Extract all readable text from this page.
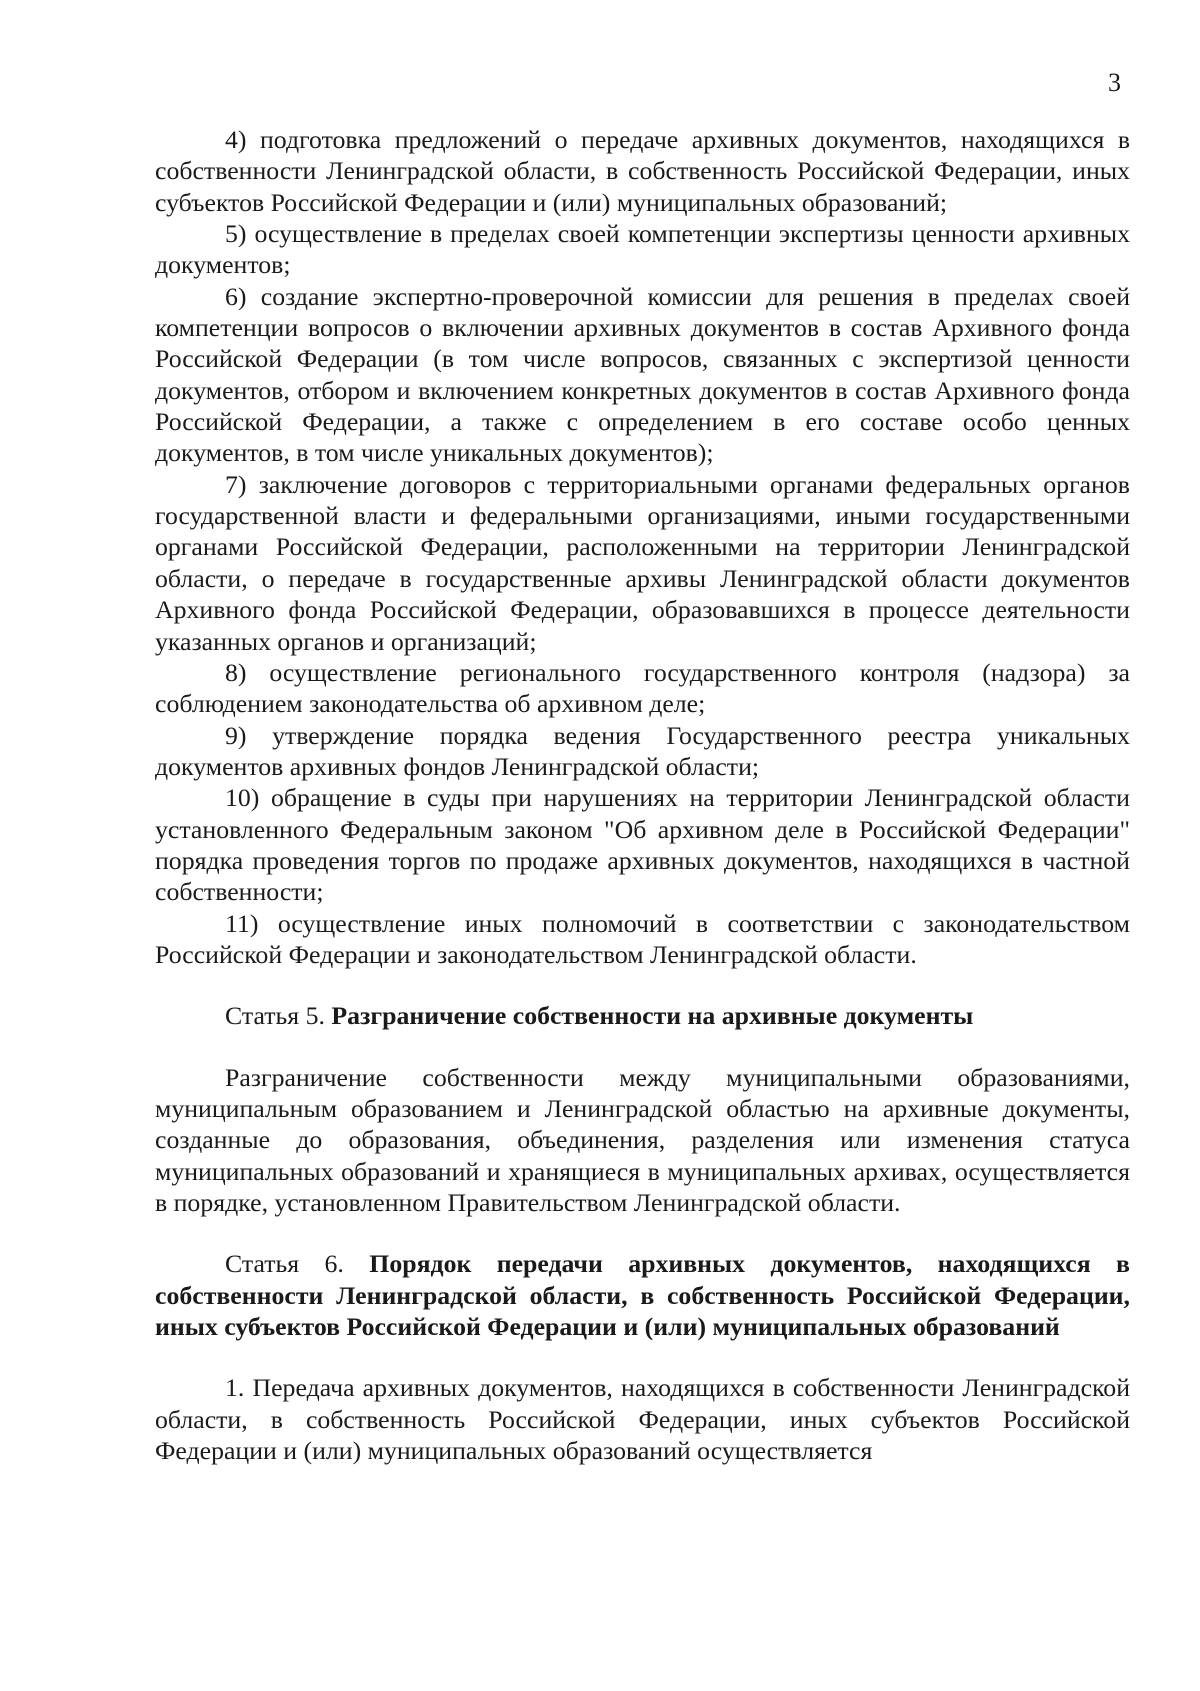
3

4) подготовка предложений о передаче архивных документов, находящихся в собственности Ленинградской области, в собственность Российской Федерации, иных субъектов Российской Федерации и (или) муниципальных образований;

5) осуществление в пределах своей компетенции экспертизы ценности архивных документов;

6) создание экспертно-проверочной комиссии для решения в пределах своей компетенции вопросов о включении архивных документов в состав Архивного фонда Российской Федерации (в том числе вопросов, связанных с экспертизой ценности документов, отбором и включением конкретных документов в состав Архивного фонда Российской Федерации, а также с определением в его составе особо ценных документов, в том числе уникальных документов);

7) заключение договоров с территориальными органами федеральных органов государственной власти и федеральными организациями, иными государственными органами Российской Федерации, расположенными на территории Ленинградской области, о передаче в государственные архивы Ленинградской области документов Архивного фонда Российской Федерации, образовавшихся в процессе деятельности указанных органов и организаций;

8) осуществление регионального государственного контроля (надзора) за соблюдением законодательства об архивном деле;

9) утверждение порядка ведения Государственного реестра уникальных документов архивных фондов Ленинградской области;

10) обращение в суды при нарушениях на территории Ленинградской области установленного Федеральным законом "Об архивном деле в Российской Федерации" порядка проведения торгов по продаже архивных документов, находящихся в частной собственности;

11) осуществление иных полномочий в соответствии с законодательством Российской Федерации и законодательством Ленинградской области.

Статья 5. Разграничение собственности на архивные документы

Разграничение собственности между муниципальными образованиями, муниципальным образованием и Ленинградской областью на архивные документы, созданные до образования, объединения, разделения или изменения статуса муниципальных образований и хранящиеся в муниципальных архивах, осуществляется в порядке, установленном Правительством Ленинградской области.

Статья 6. Порядок передачи архивных документов, находящихся в собственности Ленинградской области, в собственность Российской Федерации, иных субъектов Российской Федерации и (или) муниципальных образований

1. Передача архивных документов, находящихся в собственности Ленинградской области, в собственность Российской Федерации, иных субъектов Российской Федерации и (или) муниципальных образований осуществляется
